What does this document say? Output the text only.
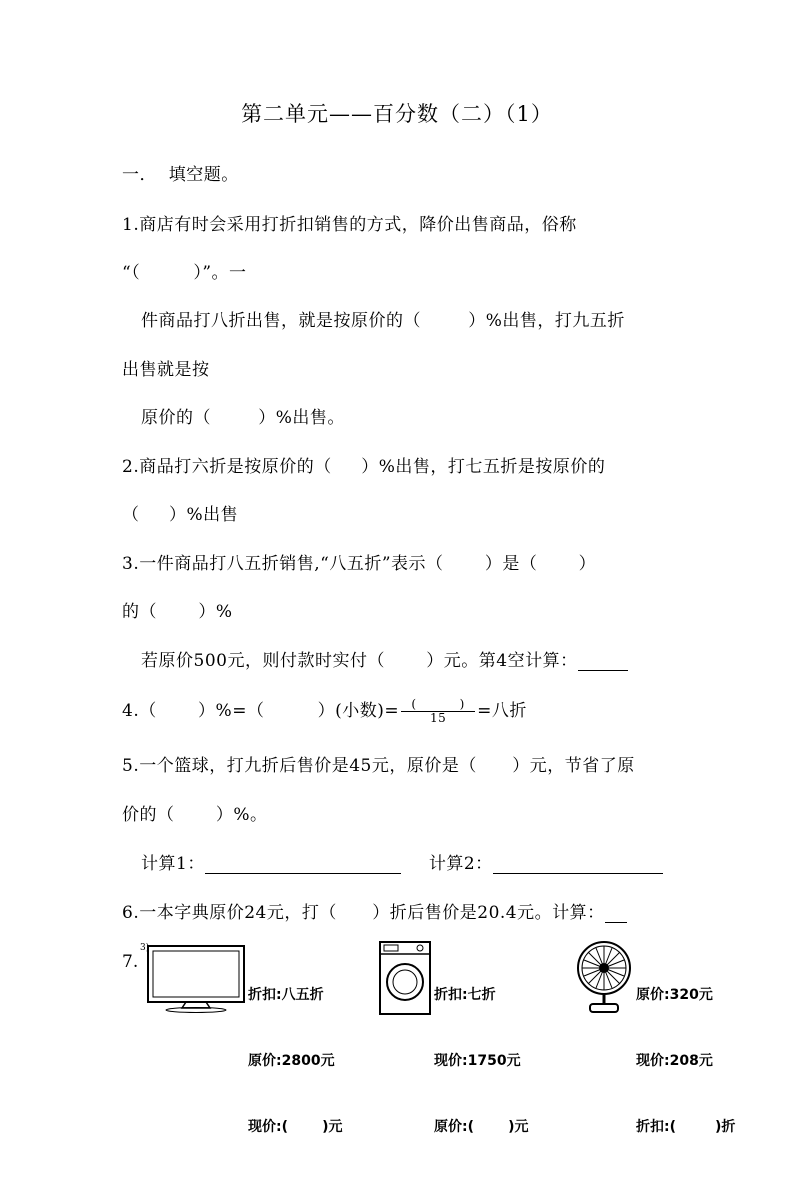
第二单元——百分数（二）（1）
一．  填空题。
1.商店有时会采用打折扣销售的方式，降价出售商品，俗称
“（         ）”。一
件商品打八折出售，就是按原价的（        ）%出售，打九五折
出售就是按
原价的（        ）%出售。
2.商品打六折是按原价的（     ）%出售，打七五折是按原价的
（     ）%出售
3.一件商品打八五折销售,“八五折”表示（       ）是（       ）
的（       ）%
若原价500元，则付款时实付（       ）元。第4空计算：
4.（       ）%=（         ）(小数)= $\frac{( )}{15}$ =八折
5.一个篮球，打九折后售价是45元，原价是（      ）元，节省了原
价的（       ）%。
计算1：	计算2：
6.一本字典原价24元，打（      ）折后售价是20.4元。计算：
7.
3)

折扣:八五折

原价:2800元

现价:(       )元

折扣:七折

现价:1750元

原价:(       )元

原价:320元

现价:208元

折扣:(        )折
